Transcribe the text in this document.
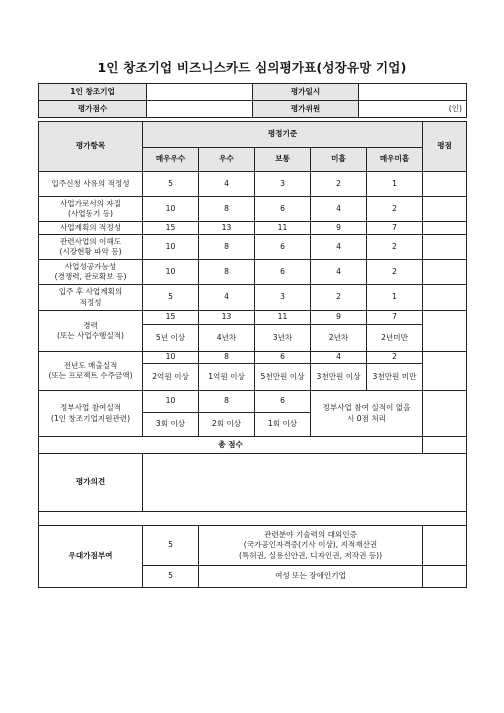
1인 창조기업 비즈니스카드 심의평가표(성장유망 기업)
1인 창조기업		평가일시	
평가점수		평가위원	(인)
평가항목	평정기준					평점
	매우우수	우수	보통	미흡	매우미흡	

입주신청 사유의 적정성	5	4	3	2	1	

사업가로서의 자질
(사업동기 등)	10	8	6	4	2	

사업계획의 적정성	15	13	11	9	7	

관련사업의 이해도
(시장현황 파악 등)	10	8	6	4	2	

사업성공가능성
(경쟁력, 판로확보 등)	10	8	6	4	2	

입주 후 사업계획의
적정성	5	4	3	2	1	

경력
(또는 사업수행실적)	15	13	11	9	7	
	5년 이상	4년차	3년차	2년차	2년미만	

전년도 매출실적
(또는 프로젝트 수주금액)	10	8	6	4	2	
	2억원 이상	1억원 이상	5천만원 이상	3천만원 이상	3천만원 미만	

정부사업 참여실적
(1인 창조기업지원관련)	10	8	6	정부사업 참여 실적이 없을
시 0점 처리		

	3회 이상	2회 이상	1회 이상			
총 점수						
평가의견						

우대가점부여	5	관련분야 기술력의 대외인증
(국가공인자격증(기사 이상), 지적재산권
(특허권, 실용신안권, 디자인권, 저작권 등))				

	5	여성 또는 장애인기업				
